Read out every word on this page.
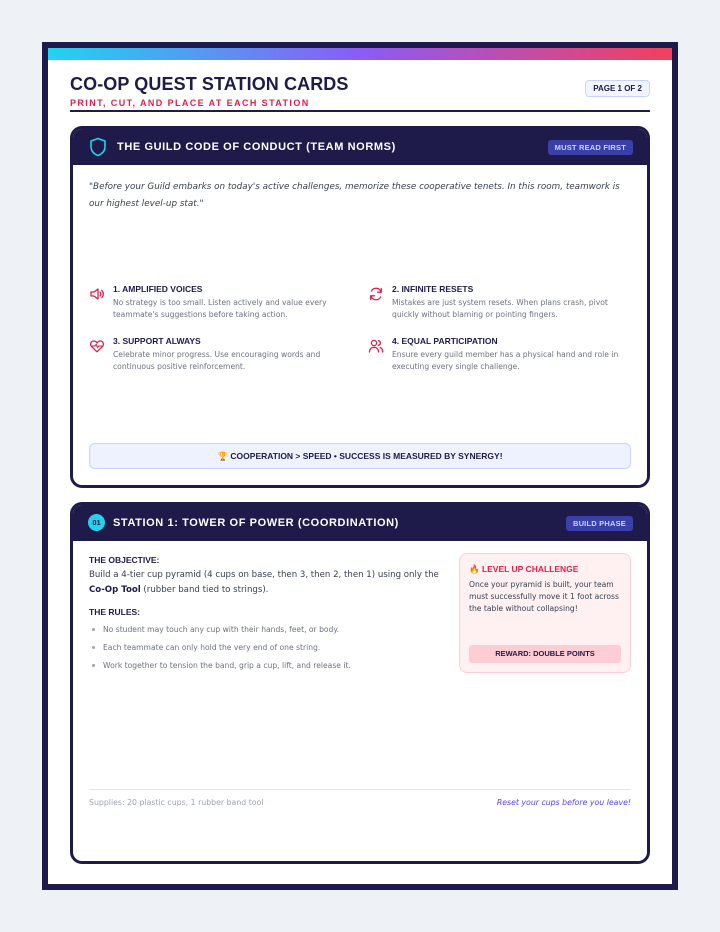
CO-OP QUEST STATION CARDS
PRINT, CUT, AND PLACE AT EACH STATION
PAGE 1 OF 2
THE GUILD CODE OF CONDUCT (TEAM NORMS)	MUST READ FIRST
"Before your Guild embarks on today's active challenges, memorize these cooperative tenets. In this room, teamwork is our highest level-up stat."
1. AMPLIFIED VOICES
No strategy is too small. Listen actively and value every teammate's suggestions before taking action.
2. INFINITE RESETS
Mistakes are just system resets. When plans crash, pivot quickly without blaming or pointing fingers.
3. SUPPORT ALWAYS
Celebrate minor progress. Use encouraging words and continuous positive reinforcement.
4. EQUAL PARTICIPATION
Ensure every guild member has a physical hand and role in executing every single challenge.
🏆 COOPERATION > SPEED • SUCCESS IS MEASURED BY SYNERGY!
01	STATION 1: TOWER OF POWER (COORDINATION)	BUILD PHASE
THE OBJECTIVE:
Build a 4-tier cup pyramid (4 cups on base, then 3, then 2, then 1) using only the Co-Op Tool (rubber band tied to strings).
THE RULES:
No student may touch any cup with their hands, feet, or body.
Each teammate can only hold the very end of one string.
Work together to tension the band, grip a cup, lift, and release it.
🔥 LEVEL UP CHALLENGE
Once your pyramid is built, your team must successfully move it 1 foot across the table without collapsing!
REWARD: DOUBLE POINTS
Supplies: 20 plastic cups, 1 rubber band tool	Reset your cups before you leave!
